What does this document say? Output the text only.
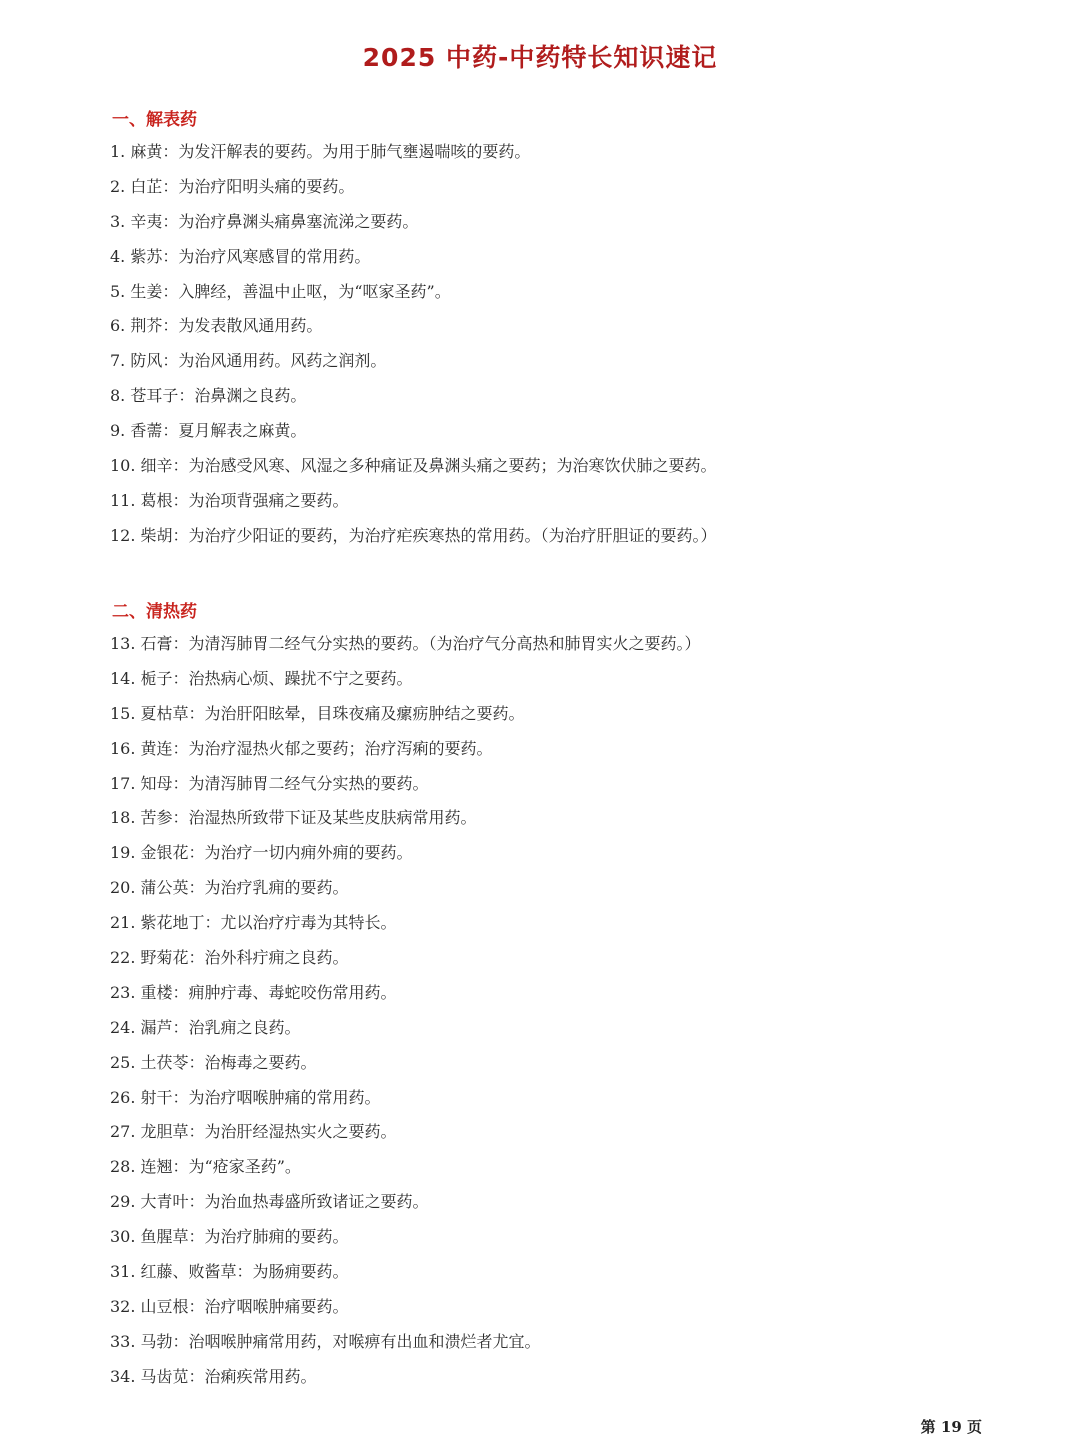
2025 中药-中药特长知识速记
一、解表药
1. 麻黄：为发汗解表的要药。为用于肺气壅遏喘咳的要药。
2. 白芷：为治疗阳明头痛的要药。
3. 辛夷：为治疗鼻渊头痛鼻塞流涕之要药。
4. 紫苏：为治疗风寒感冒的常用药。
5. 生姜：入脾经，善温中止呕，为“呕家圣药”。
6. 荆芥：为发表散风通用药。
7. 防风：为治风通用药。风药之润剂。
8. 苍耳子：治鼻渊之良药。
9. 香薷：夏月解表之麻黄。
10. 细辛：为治感受风寒、风湿之多种痛证及鼻渊头痛之要药；为治寒饮伏肺之要药。
11. 葛根：为治项背强痛之要药。
12. 柴胡：为治疗少阳证的要药，为治疗疟疾寒热的常用药。（为治疗肝胆证的要药。）
二、清热药
13. 石膏：为清泻肺胃二经气分实热的要药。（为治疗气分高热和肺胃实火之要药。）
14. 栀子：治热病心烦、躁扰不宁之要药。
15. 夏枯草：为治肝阳眩晕，目珠夜痛及瘰疬肿结之要药。
16. 黄连：为治疗湿热火郁之要药；治疗泻痢的要药。
17. 知母：为清泻肺胃二经气分实热的要药。
18. 苦参：治湿热所致带下证及某些皮肤病常用药。
19. 金银花：为治疗一切内痈外痈的要药。
20. 蒲公英：为治疗乳痈的要药。
21. 紫花地丁：尤以治疗疔毒为其特长。
22. 野菊花：治外科疔痈之良药。
23. 重楼：痈肿疔毒、毒蛇咬伤常用药。
24. 漏芦：治乳痈之良药。
25. 土茯苓：治梅毒之要药。
26. 射干：为治疗咽喉肿痛的常用药。
27. 龙胆草：为治肝经湿热实火之要药。
28. 连翘：为“疮家圣药”。
29. 大青叶：为治血热毒盛所致诸证之要药。
30. 鱼腥草：为治疗肺痈的要药。
31. 红藤、败酱草：为肠痈要药。
32. 山豆根：治疗咽喉肿痛要药。
33. 马勃：治咽喉肿痛常用药，对喉痹有出血和溃烂者尤宜。
34. 马齿苋：治痢疾常用药。
第 19 页
